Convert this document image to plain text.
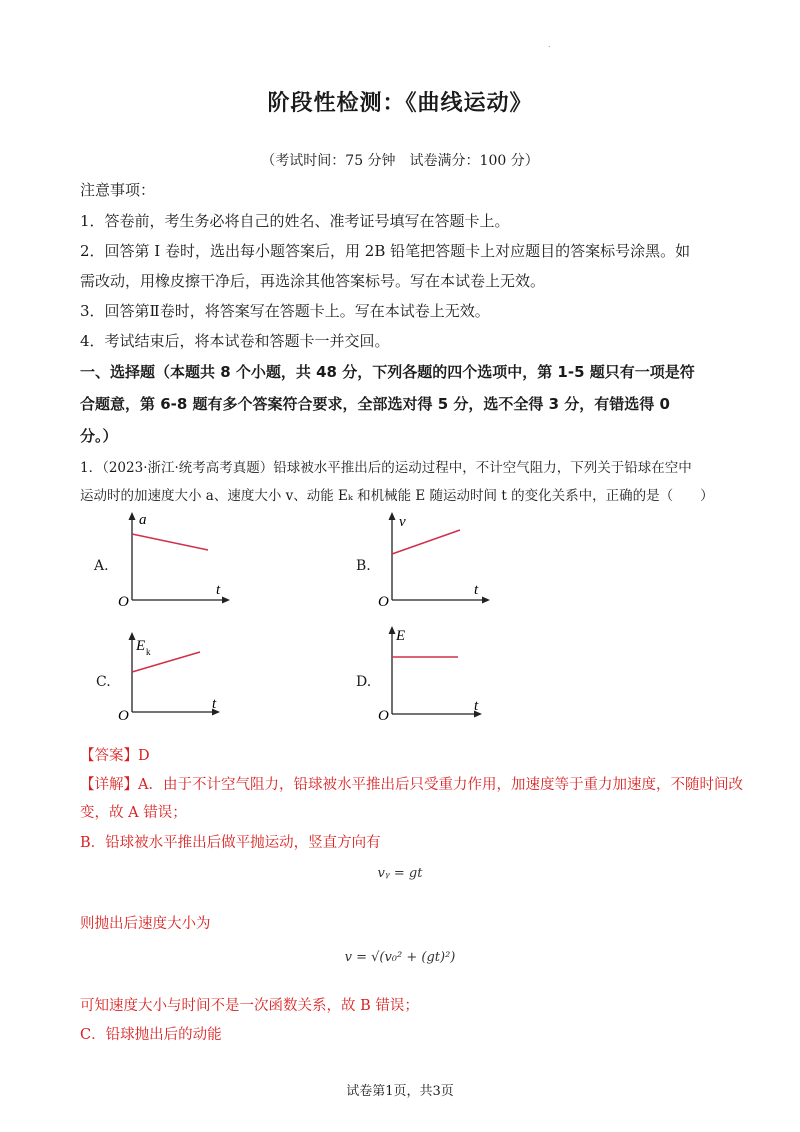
.
阶段性检测：《曲线运动》
（考试时间：75 分钟　试卷满分：100 分）
注意事项：
1．答卷前，考生务必将自己的姓名、准考证号填写在答题卡上。
2．回答第 I 卷时，选出每小题答案后，用 2B 铅笔把答题卡上对应题目的答案标号涂黑。如
需改动，用橡皮擦干净后，再选涂其他答案标号。写在本试卷上无效。
3．回答第Ⅱ卷时，将答案写在答题卡上。写在本试卷上无效。
4．考试结束后，将本试卷和答题卡一并交回。
一、选择题（本题共 8 个小题，共 48 分，下列各题的四个选项中，第 1-5 题只有一项是符
合题意，第 6-8 题有多个答案符合要求，全部选对得 5 分，选不全得 3 分，有错选得 0
分。）
1．（2023·浙江·统考高考真题）铅球被水平推出后的运动过程中，不计空气阻力，下列关于铅球在空中
运动时的加速度大小 a、速度大小 v、动能 Eₖ 和机械能 E 随运动时间 t 的变化关系中，正确的是（　　）
A.
a
t
O
B.
v
t
O
C.
E k
t
O
D.
E
t
O
【答案】D
【详解】A．由于不计空气阻力，铅球被水平推出后只受重力作用，加速度等于重力加速度，不随时间改
变，故 A 错误；
B．铅球被水平推出后做平抛运动，竖直方向有
vᵧ = gt
则抛出后速度大小为
v = √(v₀² + (gt)²)
可知速度大小与时间不是一次函数关系，故 B 错误；
C．铅球抛出后的动能
试卷第1页，共3页
